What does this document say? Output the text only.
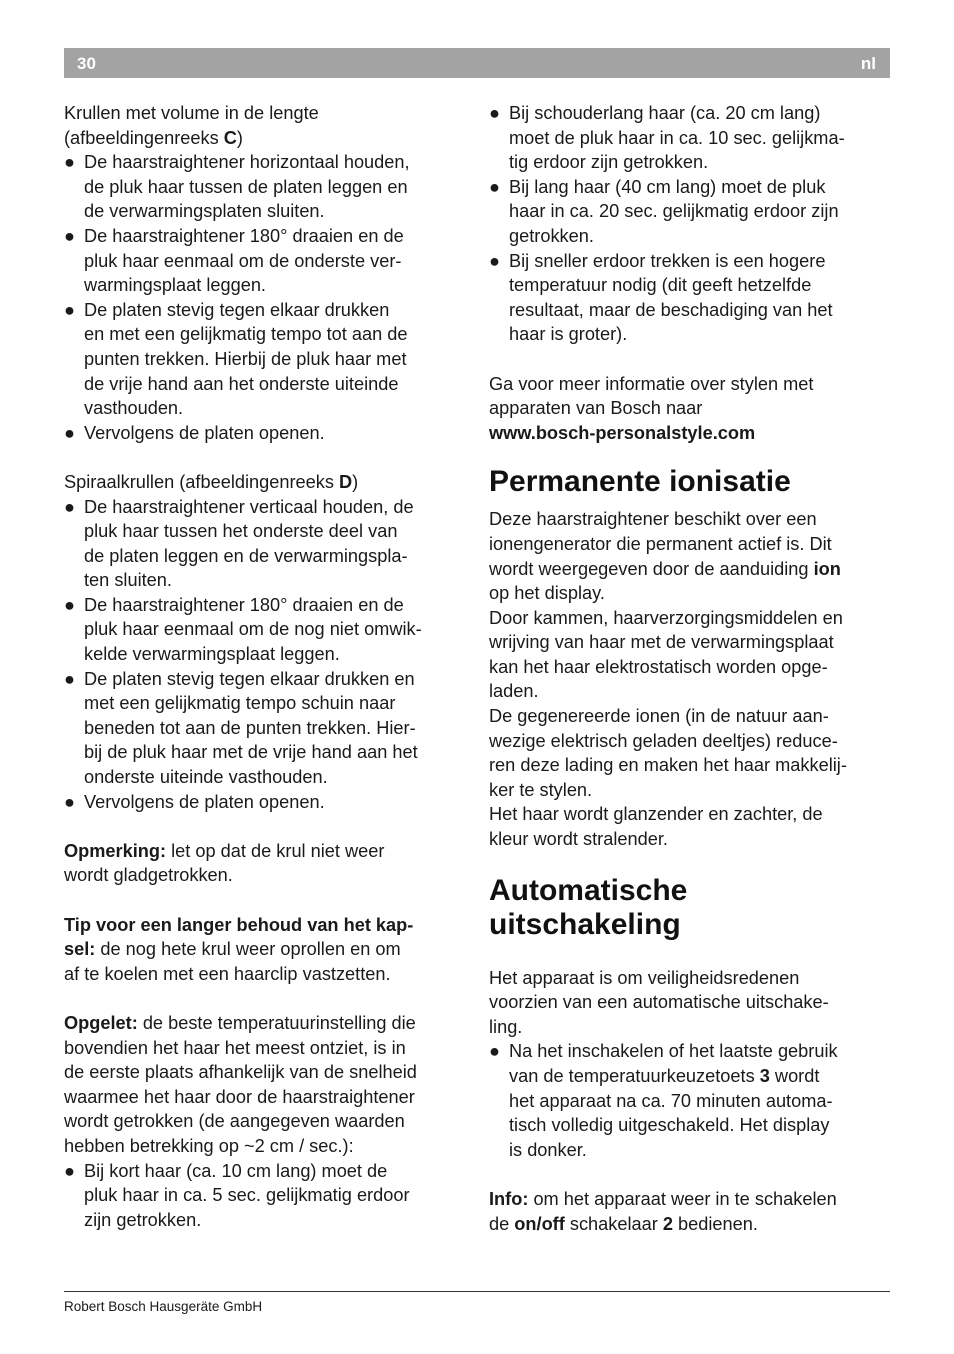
30	nl

Krullen met volume in de lengte
(afbeeldingenreeks C)

● De haarstraightener horizontaal houden,
de pluk haar tussen de platen leggen en
de verwarmingsplaten sluiten.
● De haarstraightener 180° draaien en de
pluk haar eenmaal om de onderste ver-
warmingsplaat leggen.
● De platen stevig tegen elkaar drukken
en met een gelijkmatig tempo tot aan de
punten trekken. Hierbij de pluk haar met
de vrije hand aan het onderste uiteinde
vasthouden.
● Vervolgens de platen openen.

Spiraalkrullen (afbeeldingenreeks D)

● De haarstraightener verticaal houden, de
pluk haar tussen het onderste deel van
de platen leggen en de verwarmingspla-
ten sluiten.
● De haarstraightener 180° draaien en de
pluk haar eenmaal om de nog niet omwik-
kelde verwarmingsplaat leggen.
● De platen stevig tegen elkaar drukken en
met een gelijkmatig tempo schuin naar
beneden tot aan de punten trekken. Hier-
bij de pluk haar met de vrije hand aan het
onderste uiteinde vasthouden.
● Vervolgens de platen openen.

Opmerking: let op dat de krul niet weer
wordt gladgetrokken.

Tip voor een langer behoud van het kap-
sel: de nog hete krul weer oprollen en om
af te koelen met een haarclip vastzetten.

Opgelet: de beste temperatuurinstelling die
bovendien het haar het meest ontziet, is in
de eerste plaats afhankelijk van de snelheid
waarmee het haar door de haarstraightener
wordt getrokken (de aangegeven waarden
hebben betrekking op ~2 cm / sec.):

● Bij kort haar (ca. 10 cm lang) moet de
pluk haar in ca. 5 sec. gelijkmatig erdoor
zijn getrokken.
● Bij schouderlang haar (ca. 20 cm lang)
moet de pluk haar in ca. 10 sec. gelijkma-
tig erdoor zijn getrokken.
● Bij lang haar (40 cm lang) moet de pluk
haar in ca. 20 sec. gelijkmatig erdoor zijn
getrokken.
● Bij sneller erdoor trekken is een hogere
temperatuur nodig (dit geeft hetzelfde
resultaat, maar de beschadiging van het
haar is groter).

Ga voor meer informatie over stylen met
apparaten van Bosch naar
www.bosch-personalstyle.com

Permanente ionisatie

Deze haarstraightener beschikt over een
ionengenerator die permanent actief is. Dit
wordt weergegeven door de aanduiding ion
op het display.
Door kammen, haarverzorgingsmiddelen en
wrijving van haar met de verwarmingsplaat
kan het haar elektrostatisch worden opge-
laden.
De gegenereerde ionen (in de natuur aan-
wezige elektrisch geladen deeltjes) reduce-
ren deze lading en maken het haar makkelij-
ker te stylen.
Het haar wordt glanzender en zachter, de
kleur wordt stralender.

Automatische
uitschakeling

Het apparaat is om veiligheidsredenen
voorzien van een automatische uitschake-
ling.

● Na het inschakelen of het laatste gebruik
van de temperatuurkeuzetoets 3 wordt
het apparaat na ca. 70 minuten automa-
tisch volledig uitgeschakeld. Het display
is donker.

Info: om het apparaat weer in te schakelen
de on/off schakelaar 2 bedienen.

Robert Bosch Hausgeräte GmbH
